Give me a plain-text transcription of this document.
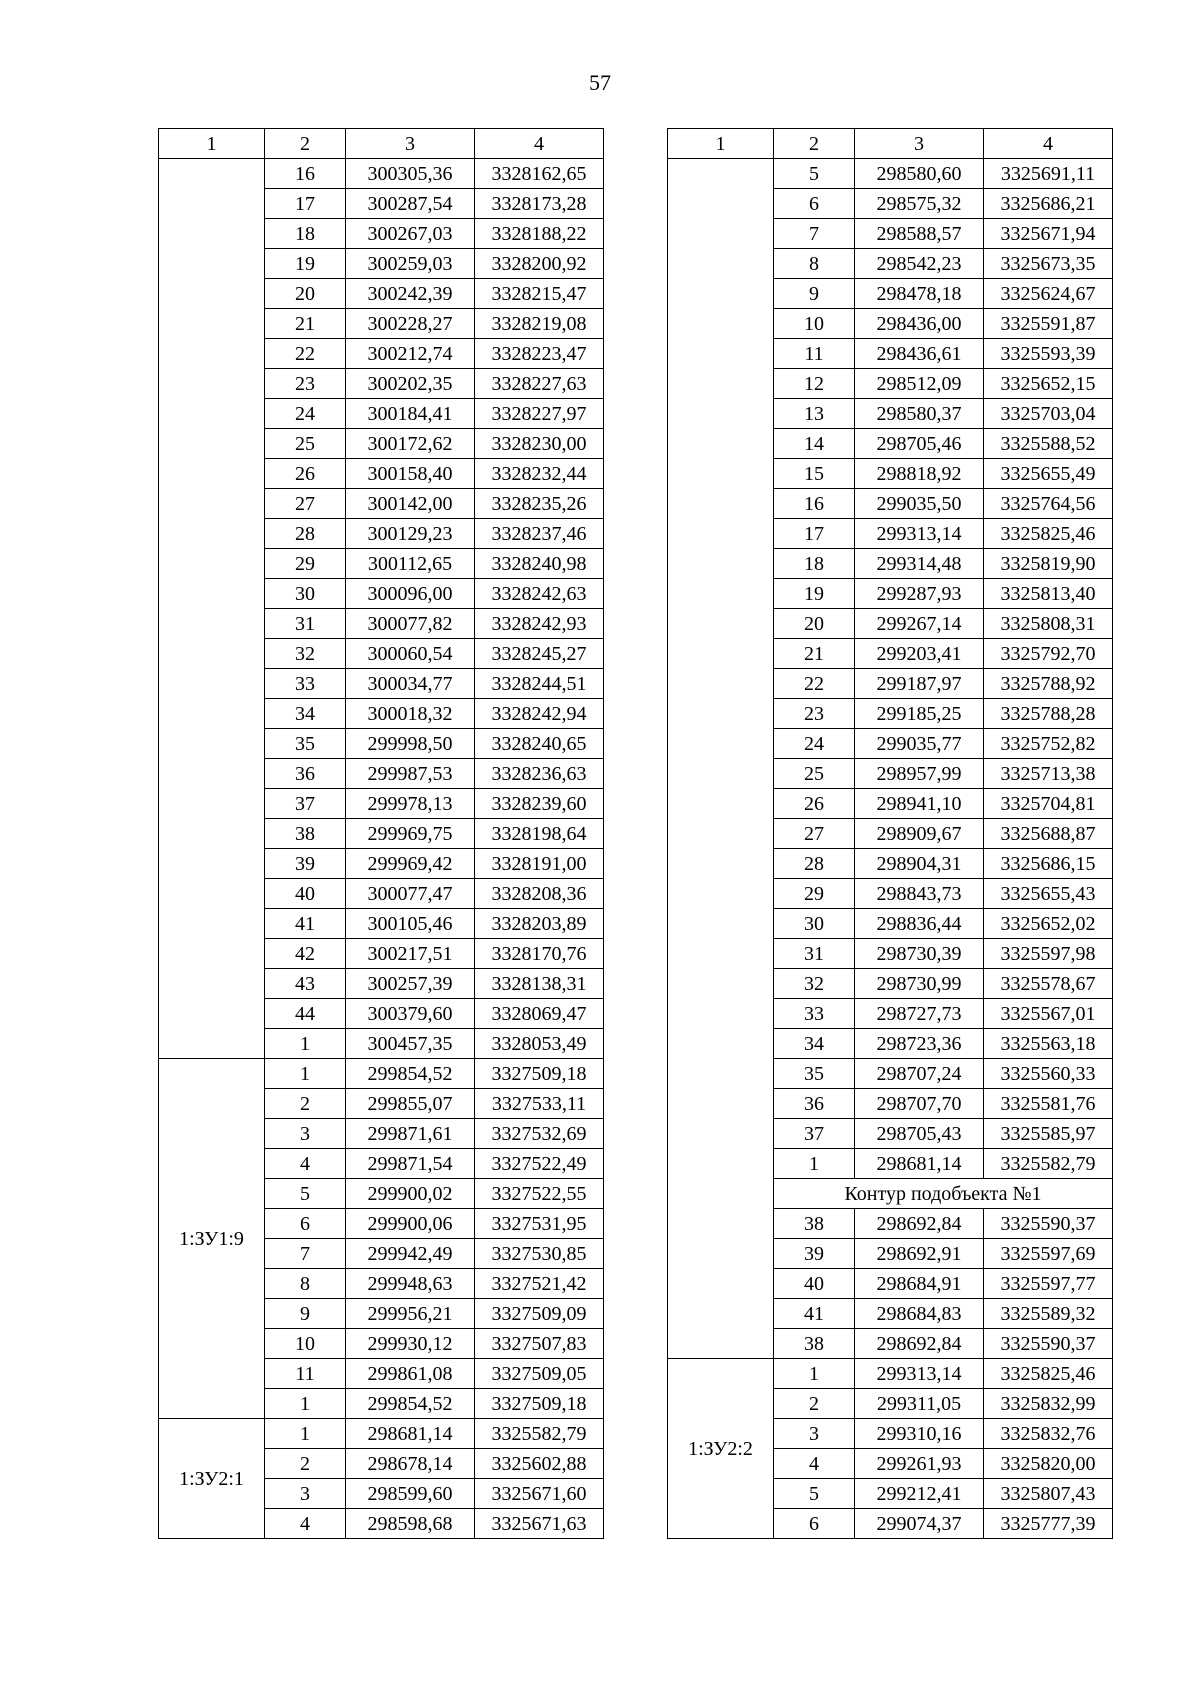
57
1	2	3	4
	16	300305,36	3328162,65
	17	300287,54	3328173,28
	18	300267,03	3328188,22
	19	300259,03	3328200,92
	20	300242,39	3328215,47
	21	300228,27	3328219,08
	22	300212,74	3328223,47
	23	300202,35	3328227,63
	24	300184,41	3328227,97
	25	300172,62	3328230,00
	26	300158,40	3328232,44
	27	300142,00	3328235,26
	28	300129,23	3328237,46
	29	300112,65	3328240,98
	30	300096,00	3328242,63
	31	300077,82	3328242,93
	32	300060,54	3328245,27
	33	300034,77	3328244,51
	34	300018,32	3328242,94
	35	299998,50	3328240,65
	36	299987,53	3328236,63
	37	299978,13	3328239,60
	38	299969,75	3328198,64
	39	299969,42	3328191,00
	40	300077,47	3328208,36
	41	300105,46	3328203,89
	42	300217,51	3328170,76
	43	300257,39	3328138,31
	44	300379,60	3328069,47
	1	300457,35	3328053,49
1:ЗУ1:9	1	299854,52	3327509,18
	2	299855,07	3327533,11
	3	299871,61	3327532,69
	4	299871,54	3327522,49
	5	299900,02	3327522,55
	6	299900,06	3327531,95
	7	299942,49	3327530,85
	8	299948,63	3327521,42
	9	299956,21	3327509,09
	10	299930,12	3327507,83
	11	299861,08	3327509,05
	1	299854,52	3327509,18
1:ЗУ2:1	1	298681,14	3325582,79
	2	298678,14	3325602,88
	3	298599,60	3325671,60
	4	298598,68	3325671,63
1	2	3	4
	5	298580,60	3325691,11
	6	298575,32	3325686,21
	7	298588,57	3325671,94
	8	298542,23	3325673,35
	9	298478,18	3325624,67
	10	298436,00	3325591,87
	11	298436,61	3325593,39
	12	298512,09	3325652,15
	13	298580,37	3325703,04
	14	298705,46	3325588,52
	15	298818,92	3325655,49
	16	299035,50	3325764,56
	17	299313,14	3325825,46
	18	299314,48	3325819,90
	19	299287,93	3325813,40
	20	299267,14	3325808,31
	21	299203,41	3325792,70
	22	299187,97	3325788,92
	23	299185,25	3325788,28
	24	299035,77	3325752,82
	25	298957,99	3325713,38
	26	298941,10	3325704,81
	27	298909,67	3325688,87
	28	298904,31	3325686,15
	29	298843,73	3325655,43
	30	298836,44	3325652,02
	31	298730,39	3325597,98
	32	298730,99	3325578,67
	33	298727,73	3325567,01
	34	298723,36	3325563,18
	35	298707,24	3325560,33
	36	298707,70	3325581,76
	37	298705,43	3325585,97
	1	298681,14	3325582,79
	Контур подобъекта №1		
	38	298692,84	3325590,37
	39	298692,91	3325597,69
	40	298684,91	3325597,77
	41	298684,83	3325589,32
	38	298692,84	3325590,37
1:ЗУ2:2	1	299313,14	3325825,46
	2	299311,05	3325832,99
	3	299310,16	3325832,76
	4	299261,93	3325820,00
	5	299212,41	3325807,43
	6	299074,37	3325777,39
